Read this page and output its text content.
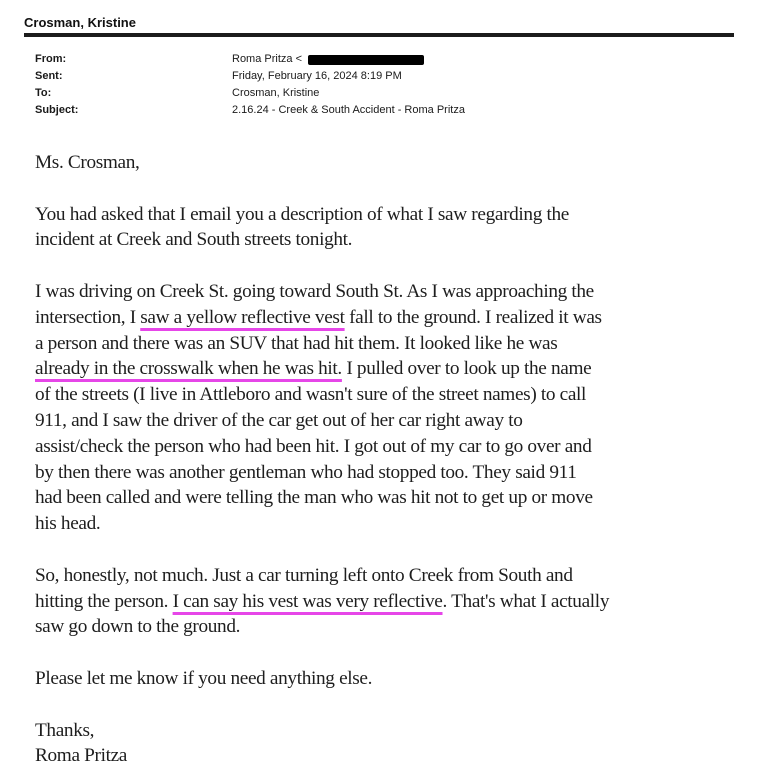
Crosman, Kristine
From:	Roma Pritza <
Sent:	Friday, February 16, 2024 8:19 PM
To:	Crosman, Kristine
Subject:	2.16.24 - Creek & South Accident - Roma Pritza

Ms. Crosman,

You had asked that I email you a description of what I saw regarding the
incident at Creek and South streets tonight.

I was driving on Creek St. going toward South St. As I was approaching the
intersection, I saw a yellow reflective vest fall to the ground. I realized it was
a person and there was an SUV that had hit them. It looked like he was
already in the crosswalk when he was hit. I pulled over to look up the name
of the streets (I live in Attleboro and wasn't sure of the street names) to call
911, and I saw the driver of the car get out of her car right away to
assist/check the person who had been hit. I got out of my car to go over and
by then there was another gentleman who had stopped too. They said 911
had been called and were telling the man who was hit not to get up or move
his head.

So, honestly, not much. Just a car turning left onto Creek from South and
hitting the person. I can say his vest was very reflective. That's what I actually
saw go down to the ground.

Please let me know if you need anything else.

Thanks,
Roma Pritza
